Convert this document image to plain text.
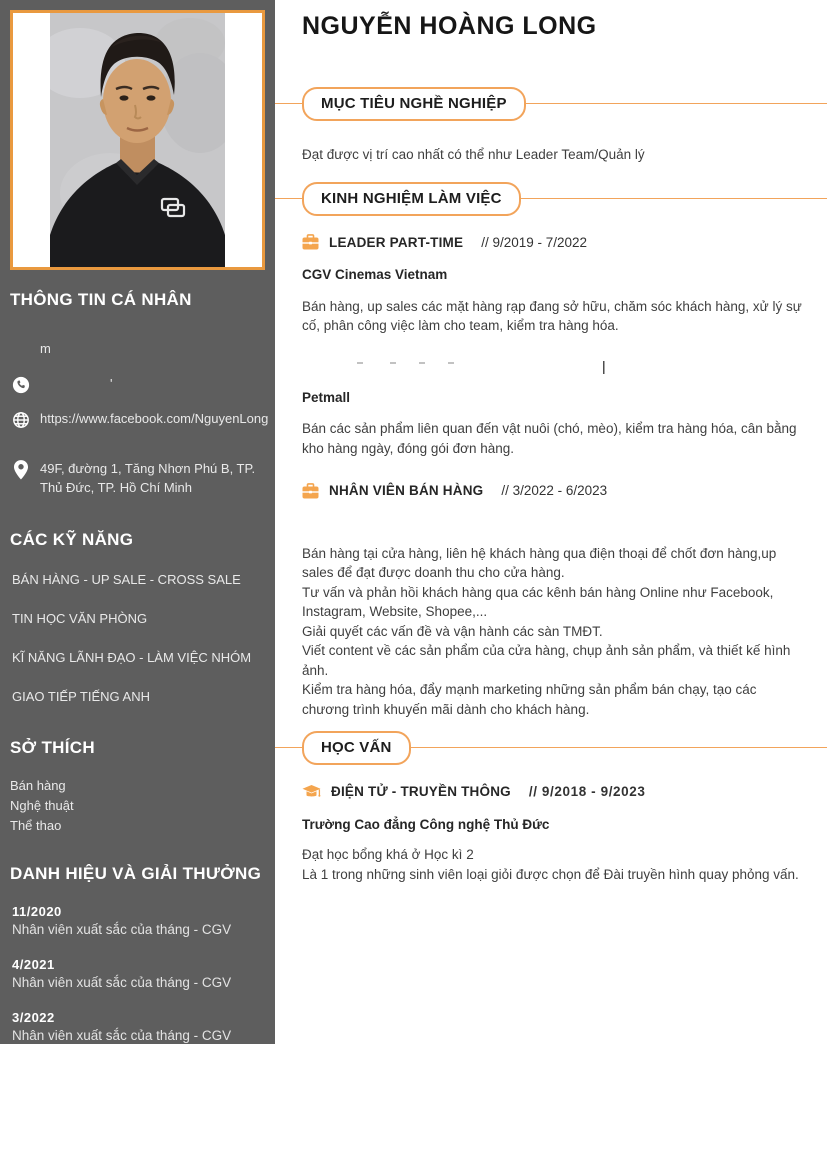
THÔNG TIN CÁ NHÂN
m
'
https://www.facebook.com/NguyenLong
49F, đường 1, Tăng Nhơn Phú B, TP. Thủ Đức, TP. Hồ Chí Minh
CÁC KỸ NĂNG
BÁN HÀNG - UP SALE - CROSS SALE
TIN HỌC VĂN PHÒNG
KĨ NĂNG LÃNH ĐẠO - LÀM VIỆC NHÓM
GIAO TIẾP TIẾNG ANH
SỞ THÍCH
Bán hàng
Nghệ thuật
Thể thao
DANH HIỆU VÀ GIẢI THƯỞNG
11/2020
Nhân viên xuất sắc của tháng - CGV
4/2021
Nhân viên xuất sắc của tháng - CGV
3/2022
Nhân viên xuất sắc của tháng - CGV
NGUYỄN HOÀNG LONG
MỤC TIÊU NGHỀ NGHIỆP
Đạt được vị trí cao nhất có thể như Leader Team/Quản lý
KINH NGHIỆM LÀM VIỆC
LEADER PART-TIME // 9/2019 - 7/2022
CGV Cinemas Vietnam
Bán hàng, up sales các mặt hàng rạp đang sở hữu, chăm sóc khách hàng, xử lý sự cố, phân công việc làm cho team, kiểm tra hàng hóa.
|
Petmall
Bán các sản phẩm liên quan đến vật nuôi (chó, mèo), kiểm tra hàng hóa, cân bằng kho hàng ngày, đóng gói đơn hàng.
NHÂN VIÊN BÁN HÀNG // 3/2022 - 6/2023
Bán hàng tại cửa hàng, liên hệ khách hàng qua điện thoại để chốt đơn hàng,up sales để đạt được doanh thu cho cửa hàng.
Tư vấn và phản hồi khách hàng qua các kênh bán hàng Online như Facebook, Instagram, Website, Shopee,...
Giải quyết các vấn đề và vận hành các sàn TMĐT.
Viết content về các sản phẩm của cửa hàng, chụp ảnh sản phẩm, và thiết kế hình ảnh.
Kiểm tra hàng hóa, đẩy mạnh marketing những sản phẩm bán chạy, tạo các chương trình khuyến mãi dành cho khách hàng.
HỌC VẤN
ĐIỆN TỬ - TRUYỀN THÔNG // 9/2018 - 9/2023
Trường Cao đẳng Công nghệ Thủ Đức
Đạt học bổng khá ở Học kì 2
Là 1 trong những sinh viên loại giỏi được chọn để Đài truyền hình quay phỏng vấn.
